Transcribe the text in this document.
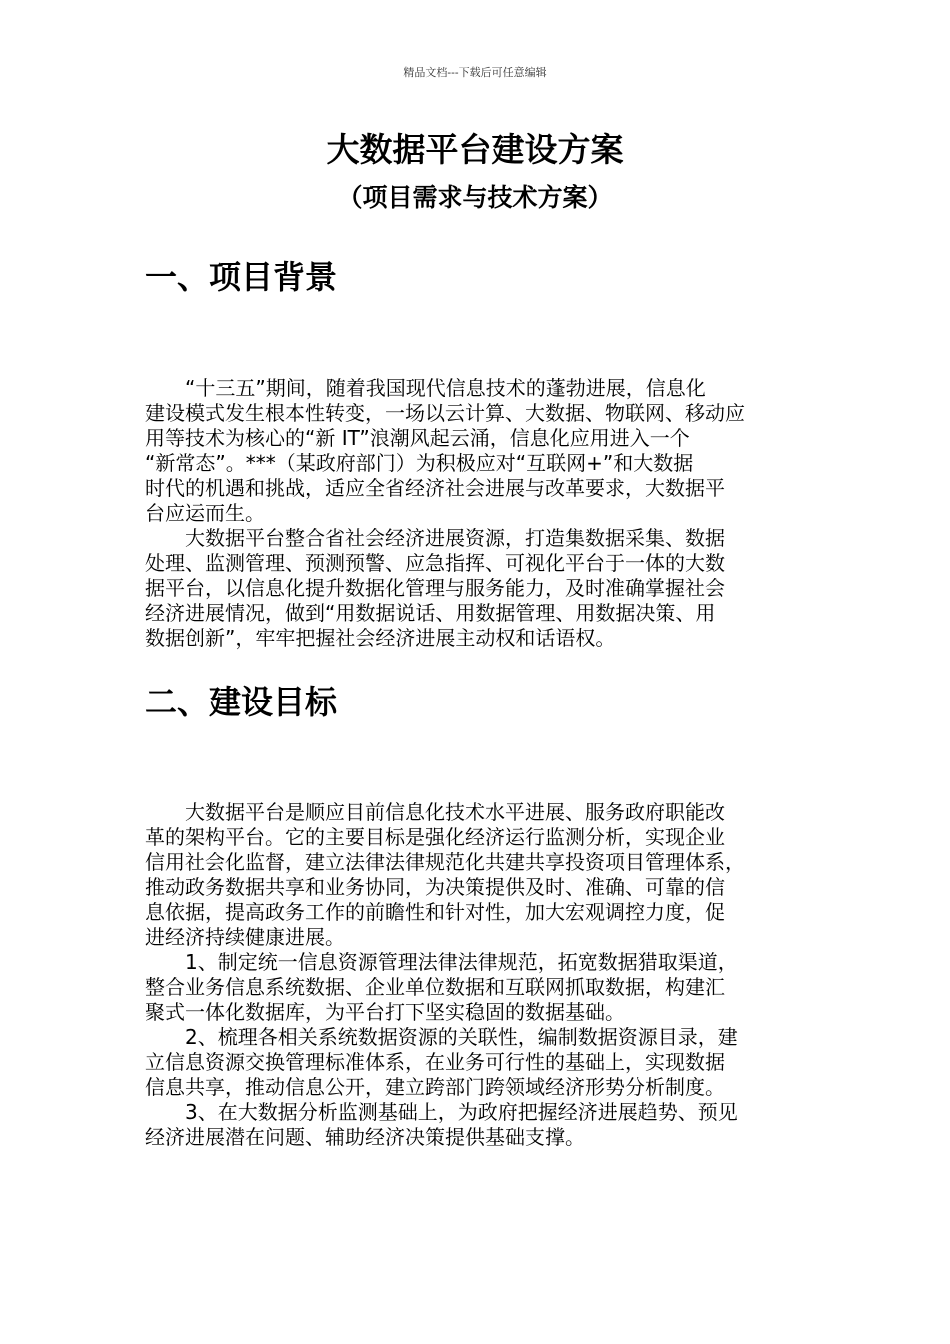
精品文档---下载后可任意编辑
大数据平台建设方案
（项目需求与技术方案）
一、项目背景
　　“十三五”期间，随着我国现代信息技术的蓬勃进展，信息化
建设模式发生根本性转变，一场以云计算、大数据、物联网、移动应
用等技术为核心的“新 IT”浪潮风起云涌，信息化应用进入一个
“新常态”。***（某政府部门）为积极应对“互联网+”和大数据
时代的机遇和挑战，适应全省经济社会进展与改革要求，大数据平
台应运而生。
　　大数据平台整合省社会经济进展资源，打造集数据采集、数据
处理、监测管理、预测预警、应急指挥、可视化平台于一体的大数
据平台，以信息化提升数据化管理与服务能力，及时准确掌握社会
经济进展情况，做到“用数据说话、用数据管理、用数据决策、用
数据创新”，牢牢把握社会经济进展主动权和话语权。
二、建设目标
　　大数据平台是顺应目前信息化技术水平进展、服务政府职能改
革的架构平台。它的主要目标是强化经济运行监测分析，实现企业
信用社会化监督，建立法律法律规范化共建共享投资项目管理体系，
推动政务数据共享和业务协同，为决策提供及时、准确、可靠的信
息依据，提高政务工作的前瞻性和针对性，加大宏观调控力度，促
进经济持续健康进展。
　　1、制定统一信息资源管理法律法律规范，拓宽数据猎取渠道，
整合业务信息系统数据、企业单位数据和互联网抓取数据，构建汇
聚式一体化数据库，为平台打下坚实稳固的数据基础。
　　2、梳理各相关系统数据资源的关联性，编制数据资源目录，建
立信息资源交换管理标准体系，在业务可行性的基础上，实现数据
信息共享，推动信息公开，建立跨部门跨领域经济形势分析制度。
　　3、在大数据分析监测基础上，为政府把握经济进展趋势、预见
经济进展潜在问题、辅助经济决策提供基础支撑。
